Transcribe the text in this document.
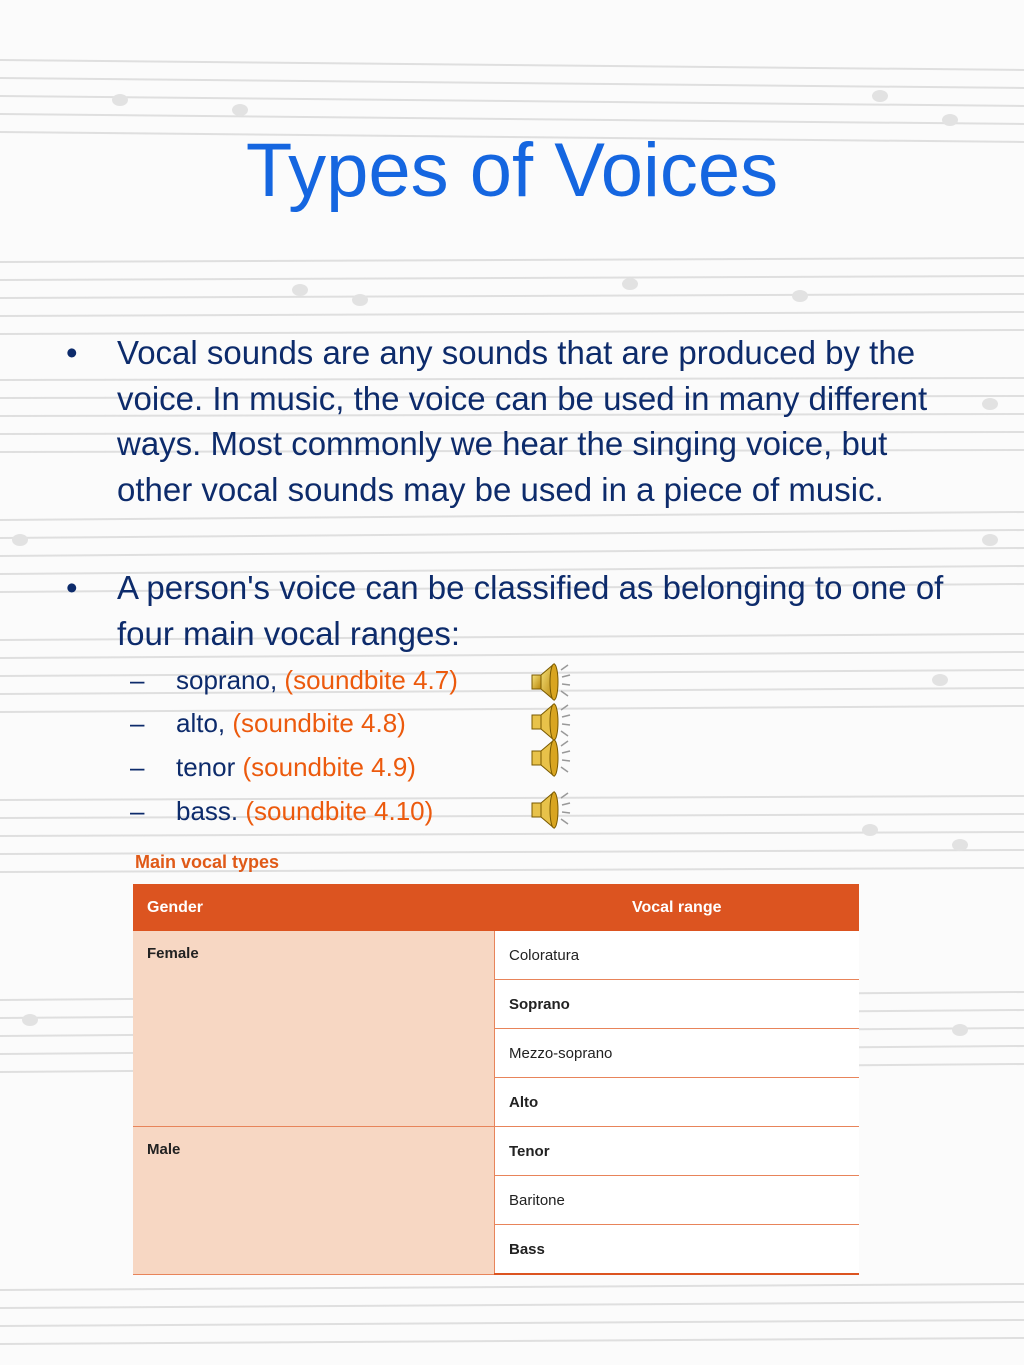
Types of Voices
• Vocal sounds are any sounds that are produced by the voice. In music, the voice can be used in many different ways. Most commonly we hear the singing voice, but other vocal sounds may be used in a piece of music.
• A person's voice can be classified as belonging to one of four main vocal ranges:
– soprano, (soundbite 4.7)
– alto, (soundbite 4.8)
– tenor (soundbite 4.9)
– bass. (soundbite 4.10)
Main vocal types
Gender	Vocal range
Female	Coloratura
	Soprano
	Mezzo-soprano
	Alto
Male	Tenor
	Baritone
	Bass
